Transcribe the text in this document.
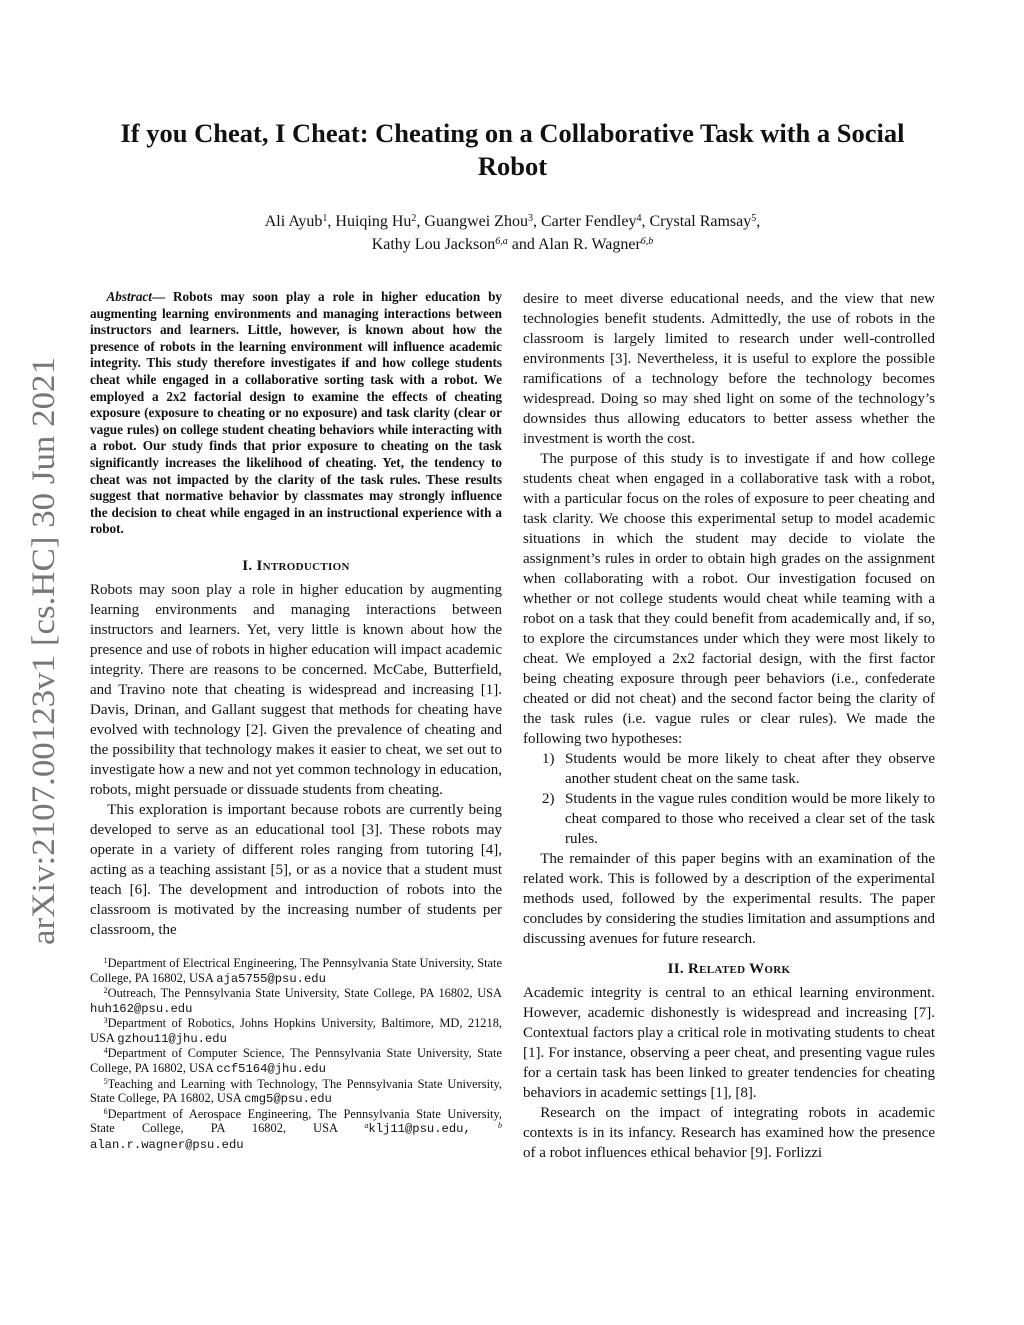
arXiv:2107.00123v1 [cs.HC] 30 Jun 2021
If you Cheat, I Cheat: Cheating on a Collaborative Task with a Social Robot
Ali Ayub$^1$, Huiqing Hu$^2$, Guangwei Zhou$^3$, Carter Fendley$^4$, Crystal Ramsay$^5$,
Kathy Lou Jackson$^{6,a}$ and Alan R. Wagner$^{6,b}$

Abstract— Robots may soon play a role in higher education by augmenting learning environments and managing interactions between instructors and learners. Little, however, is known about how the presence of robots in the learning environment will influence academic integrity. This study therefore investigates if and how college students cheat while engaged in a collaborative sorting task with a robot. We employed a 2x2 factorial design to examine the effects of cheating exposure (exposure to cheating or no exposure) and task clarity (clear or vague rules) on college student cheating behaviors while interacting with a robot. Our study finds that prior exposure to cheating on the task significantly increases the likelihood of cheating. Yet, the tendency to cheat was not impacted by the clarity of the task rules. These results suggest that normative behavior by classmates may strongly influence the decision to cheat while engaged in an instructional experience with a robot.

I. Introduction

Robots may soon play a role in higher education by augmenting learning environments and managing interactions between instructors and learners. Yet, very little is known about how the presence and use of robots in higher education will impact academic integrity. There are reasons to be concerned. McCabe, Butterfield, and Travino note that cheating is widespread and increasing [1]. Davis, Drinan, and Gallant suggest that methods for cheating have evolved with technology [2]. Given the prevalence of cheating and the possibility that technology makes it easier to cheat, we set out to investigate how a new and not yet common technology in education, robots, might persuade or dissuade students from cheating.

This exploration is important because robots are currently being developed to serve as an educational tool [3]. These robots may operate in a variety of different roles ranging from tutoring [4], acting as a teaching assistant [5], or as a novice that a student must teach [6]. The development and introduction of robots into the classroom is motivated by the increasing number of students per classroom, the

$^1$Department of Electrical Engineering, The Pennsylvania State University, State College, PA 16802, USA aja5755@psu.edu

$^2$Outreach, The Pennsylvania State University, State College, PA 16802, USA huh162@psu.edu

$^3$Department of Robotics, Johns Hopkins University, Baltimore, MD, 21218, USA gzhou11@jhu.edu

$^4$Department of Computer Science, The Pennsylvania State University, State College, PA 16802, USA ccf5164@jhu.edu

$^5$Teaching and Learning with Technology, The Pennsylvania State University, State College, PA 16802, USA cmg5@psu.edu

$^6$Department of Aerospace Engineering, The Pennsylvania State University, State College, PA 16802, USA $^a$klj11@psu.edu,	$^b$ alan.r.wagner@psu.edu

desire to meet diverse educational needs, and the view that new technologies benefit students. Admittedly, the use of robots in the classroom is largely limited to research under well-controlled environments [3]. Nevertheless, it is useful to explore the possible ramifications of a technology before the technology becomes widespread. Doing so may shed light on some of the technology’s downsides thus allowing educators to better assess whether the investment is worth the cost.

The purpose of this study is to investigate if and how college students cheat when engaged in a collaborative task with a robot, with a particular focus on the roles of exposure to peer cheating and task clarity. We choose this experimental setup to model academic situations in which the student may decide to violate the assignment’s rules in order to obtain high grades on the assignment when collaborating with a robot. Our investigation focused on whether or not college students would cheat while teaming with a robot on a task that they could benefit from academically and, if so, to explore the circumstances under which they were most likely to cheat. We employed a 2x2 factorial design, with the first factor being cheating exposure through peer behaviors (i.e., confederate cheated or did not cheat) and the second factor being the clarity of the task rules (i.e. vague rules or clear rules). We made the following two hypotheses:

1) Students would be more likely to cheat after they observe another student cheat on the same task.
2) Students in the vague rules condition would be more likely to cheat compared to those who received a clear set of the task rules.

The remainder of this paper begins with an examination of the related work. This is followed by a description of the experimental methods used, followed by the experimental results. The paper concludes by considering the studies limitation and assumptions and discussing avenues for future research.

II. Related Work

Academic integrity is central to an ethical learning environment. However, academic dishonestly is widespread and increasing [7]. Contextual factors play a critical role in motivating students to cheat [1]. For instance, observing a peer cheat, and presenting vague rules for a certain task has been linked to greater tendencies for cheating behaviors in academic settings [1], [8].

Research on the impact of integrating robots in academic contexts is in its infancy. Research has examined how the presence of a robot influences ethical behavior [9]. Forlizzi
